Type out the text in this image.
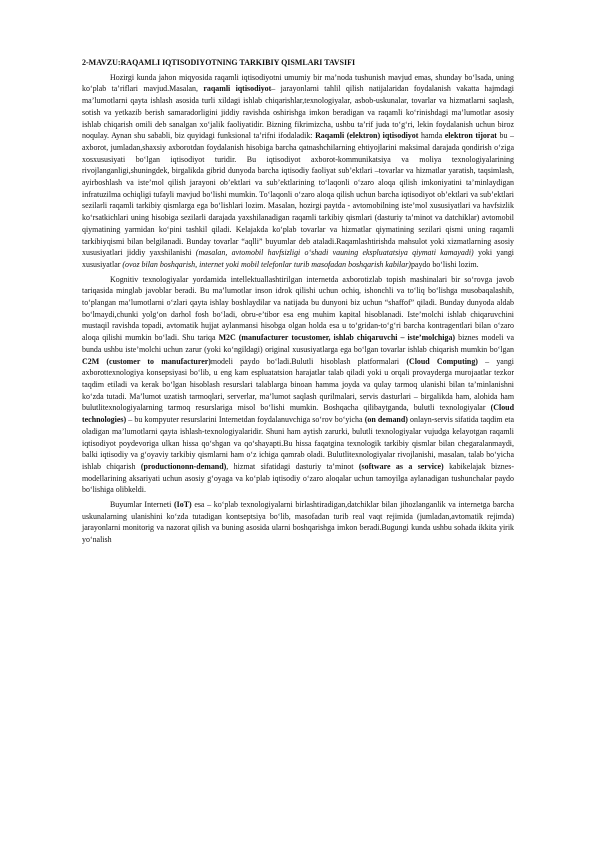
2-MAVZU:RAQAMLI IQTISODIYOTNING TARKIBIY QISMLARI TAVSIFI

Hozirgi kunda jahon miqyosida raqamli iqtisodiyotni umumiy bir ma’noda tushunish mavjud emas, shunday bo‘lsada, uning ko‘plab ta’riflari mavjud.Masalan, raqamli iqtisodiyot– jarayonlarni tahlil qilish natijalaridan foydalanish vakatta hajmdagi ma’lumotlarni qayta ishlash asosida turli xildagi ishlab chiqarishlar,texnologiyalar, asbob-uskunalar, tovarlar va hizmatlarni saqlash, sotish va yetkazib berish samaradorligini jiddiy ravishda oshirishga imkon beradigan va raqamli ko‘rinishdagi ma’lumotlar asosiy ishlab chiqarish omili deb sanalgan xo‘jalik faoliyatidir. Bizning fikrimizcha, ushbu ta’rif juda to‘g‘ri, lekin foydalanish uchun biroz noqulay. Aynan shu sababli, biz quyidagi funksional ta’rifni ifodaladik: Raqamli (elektron) iqtisodiyot hamda elektron tijorat bu – axborot, jumladan,shaxsiy axborotdan foydalanish hisobiga barcha qatnashchilarning ehtiyojlarini maksimal darajada qondirish o‘ziga xosxususiyati bo‘lgan iqtisodiyot turidir. Bu iqtisodiyot axborot-kommunikatsiya va moliya texnologiyalarining rivojlanganligi,shuningdek, birgalikda gibrid dunyoda barcha iqtisodiy faoliyat sub’ektlari –tovarlar va hizmatlar yaratish, taqsimlash, ayirboshlash va iste’mol qilish jarayoni ob’ektlari va sub’ektlarining to‘laqonli o‘zaro aloqa qilish imkoniyatini ta’minlaydigan infratuzilma ochiqligi tufayli mavjud bo‘lishi mumkin. To‘laqonli o‘zaro aloqa qilish uchun barcha iqtisodiyot ob’ektlari va sub’ektlari sezilarli raqamli tarkibiy qismlarga ega bo‘lishlari lozim. Masalan, hozirgi paytda - avtomobilning iste’mol xususiyatlari va havfsizlik ko‘rsatkichlari uning hisobiga sezilarli darajada yaxshilanadigan raqamli tarkibiy qismlari (dasturiy ta’minot va datchiklar) avtomobil qiymatining yarmidan ko‘pini tashkil qiladi. Kelajakda ko‘plab tovarlar va hizmatlar qiymatining sezilari qismi uning raqamli tarkibiyqismi bilan belgilanadi. Bunday tovarlar “aqlli” buyumlar deb ataladi.Raqamlashtirishda mahsulot yoki xizmatlarning asosiy xususiyatlari jiddiy yaxshilanishi (masalan, avtomobil havfsizligi o‘shadi vauning ekspluatatsiya qiymati kamayadi) yoki yangi xususiyatlar (ovoz bilan boshqarish, internet yoki mobil telefonlar turib masofadan boshqarish kabilar)paydo bo‘lishi lozim.

Kognitiv texnologiyalar yordamida intellektuallashtirilgan internetda axborotizlab topish mashinalari bir so‘rovga javob tariqasida minglab javoblar beradi. Bu ma’lumotlar inson idrok qilishi uchun ochiq, ishonchli va to‘liq bo‘lishga musobaqalashib, to‘plangan ma’lumotlarni o‘zlari qayta ishlay boshlaydilar va natijada bu dunyoni biz uchun “shaffof” qiladi. Bunday dunyoda aldab bo‘lmaydi,chunki yolg‘on darhol fosh bo‘ladi, obru-e’tibor esa eng muhim kapital hisoblanadi. Iste’molchi ishlab chiqaruvchini mustaqil ravishda topadi, avtomatik hujjat aylanmansi hisobga olgan holda esa u to‘gridan-to‘g‘ri barcha kontragentlari bilan o‘zaro aloqa qilishi mumkin bo‘ladi. Shu tariqa M2C (manufacturer tocustomer, ishlab chiqaruvchi – iste’molchiga) biznes modeli va bunda ushbu iste’molchi uchun zarur (yoki ko‘ngildagi) original xususiyatlarga ega bo‘lgan tovarlar ishlab chiqarish mumkin bo‘lgan C2M (customer to manufacturer)modeli paydo bo‘ladi.Bulutli hisoblash platformalari (Cloud Computing) – yangi axborottexnologiya konsepsiyasi bo‘lib, u eng kam espluatatsion harajatlar talab qiladi yoki u orqali provayderga murojaatlar tezkor taqdim etiladi va kerak bo‘lgan hisoblash resurslari talablarga binoan hamma joyda va qulay tarmoq ulanishi bilan ta’minlanishni ko‘zda tutadi. Ma’lumot uzatish tarmoqlari, serverlar, ma’lumot saqlash qurilmalari, servis dasturlari – birgalikda ham, alohida ham bulutlitexnologiyalarning tarmoq resurslariga misol bo‘lishi mumkin. Boshqacha qilibaytganda, bulutli texnologiyalar (Cloud technologies) – bu kompyuter resurslarini Internetdan foydalanuvchiga so‘rov bo‘yicha (on demand) onlayn-servis sifatida taqdim eta oladigan ma’lumotlarni qayta ishlash-texnologiyalaridir. Shuni ham aytish zarurki, bulutli texnologiyalar vujudga kelayotgan raqamli iqtisodiyot poydevoriga ulkan hissa qo‘shgan va qo‘shayapti.Bu hissa faqatgina texnologik tarkibiy qismlar bilan chegaralanmaydi, balki iqtisodiy va g‘oyaviy tarkibiy qismlarni ham o‘z ichiga qamrab oladi. Bulutlitexnologiyalar rivojlanishi, masalan, talab bo‘yicha ishlab chiqarish (productiononn-demand), hizmat sifatidagi dasturiy ta’minot (software as a service) kabikelajak biznes-modellarining aksariyati uchun asosiy g‘oyaga va ko‘plab iqtisodiy o‘zaro aloqalar uchun tamoyilga aylanadigan tushunchalar paydo bo‘lishiga olibkeldi.

Buyumlar Interneti (IoT) esa – ko‘plab texnologiyalarni birlashtiradigan,datchiklar bilan jihozlanganlik va internetga barcha uskunalarning ulanishini ko‘zda tutadigan kontseptsiya bo‘lib, masofadan turib real vaqt rejimida (jumladan,avtomatik rejimda) jarayonlarni monitorig va nazorat qilish va buning asosida ularni boshqarishga imkon beradi.Bugungi kunda ushbu sohada ikkita yirik yo‘nalish
